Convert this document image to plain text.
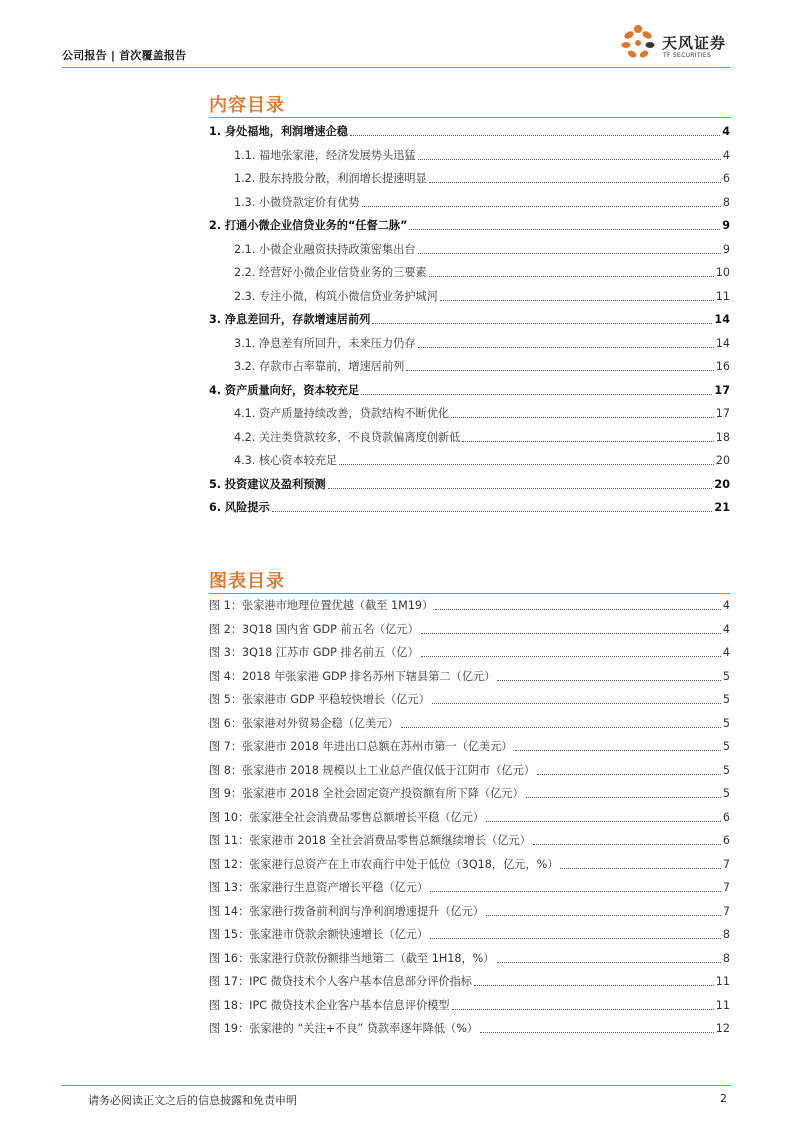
公司报告 | 首次覆盖报告
天风证券
TF SECURITIES
内容目录
1. 身处福地，利润增速企稳	4
1.1. 福地张家港，经济发展势头迅猛	4
1.2. 股东持股分散，利润增长提速明显	6
1.3. 小微贷款定价有优势	8
2. 打通小微企业信贷业务的“任督二脉”	9
2.1. 小微企业融资扶持政策密集出台	9
2.2. 经营好小微企业信贷业务的三要素	10
2.3. 专注小微，构筑小微信贷业务护城河	11
3. 净息差回升，存款增速居前列	14
3.1. 净息差有所回升，未来压力仍存	14
3.2. 存款市占率靠前，增速居前列	16
4. 资产质量向好，资本较充足	17
4.1. 资产质量持续改善，贷款结构不断优化	17
4.2. 关注类贷款较多，不良贷款偏离度创新低	18
4.3. 核心资本较充足	20
5. 投资建议及盈利预测	20
6. 风险提示	21
图表目录
图 1：张家港市地理位置优越（截至 1M19）	4
图 2：3Q18 国内省 GDP 前五名（亿元）	4
图 3：3Q18 江苏市 GDP 排名前五（亿）	4
图 4：2018 年张家港 GDP 排名苏州下辖县第二（亿元）	5
图 5：张家港市 GDP 平稳较快增长（亿元）	5
图 6：张家港对外贸易企稳（亿美元）	5
图 7：张家港市 2018 年进出口总额在苏州市第一（亿美元）	5
图 8：张家港市 2018 规模以上工业总产值仅低于江阴市（亿元）	5
图 9：张家港市 2018 全社会固定资产投资额有所下降（亿元）	5
图 10：张家港全社会消费品零售总额增长平稳（亿元）	6
图 11：张家港市 2018 全社会消费品零售总额继续增长（亿元）	6
图 12：张家港行总资产在上市农商行中处于低位（3Q18，亿元，%）	7
图 13：张家港行生息资产增长平稳（亿元）	7
图 14：张家港行拨备前利润与净利润增速提升（亿元）	7
图 15：张家港市贷款余额快速增长（亿元）	8
图 16：张家港行贷款份额排当地第二（截至 1H18，%）	8
图 17：IPC 微贷技术个人客户基本信息部分评价指标	11
图 18：IPC 微贷技术企业客户基本信息评价模型	11
图 19：张家港的 “关注+不良” 贷款率逐年降低（%）	12
请务必阅读正文之后的信息披露和免责申明	2
